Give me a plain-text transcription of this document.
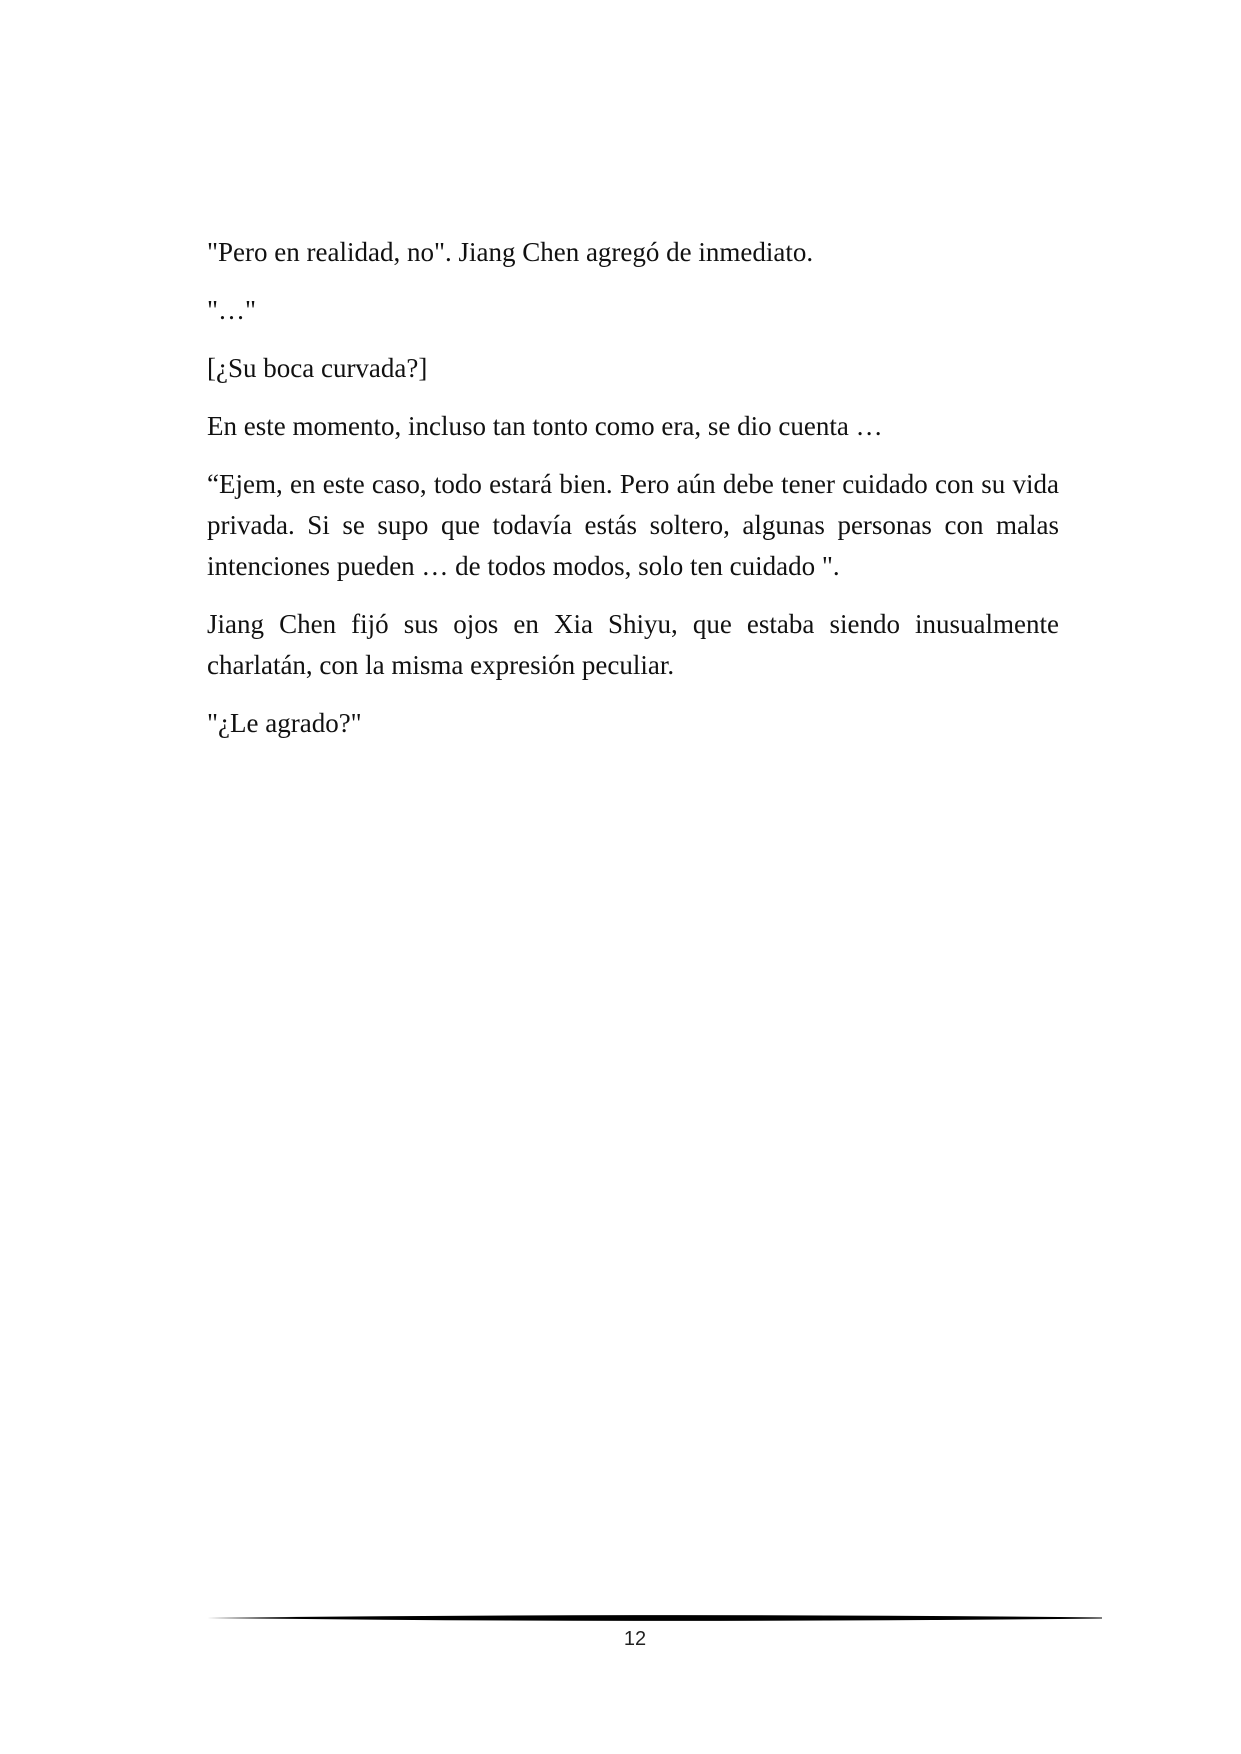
"Pero en realidad, no". Jiang Chen agregó de inmediato.

"…"

[¿Su boca curvada?]

En este momento, incluso tan tonto como era, se dio cuenta …

“Ejem, en este caso, todo estará bien. Pero aún debe tener cuidado con su vida privada. Si se supo que todavía estás soltero, algunas personas con malas intenciones pueden … de todos modos, solo ten cuidado ".

Jiang Chen fijó sus ojos en Xia Shiyu, que estaba siendo inusualmente charlatán, con la misma expresión peculiar.

"¿Le agrado?"

12
